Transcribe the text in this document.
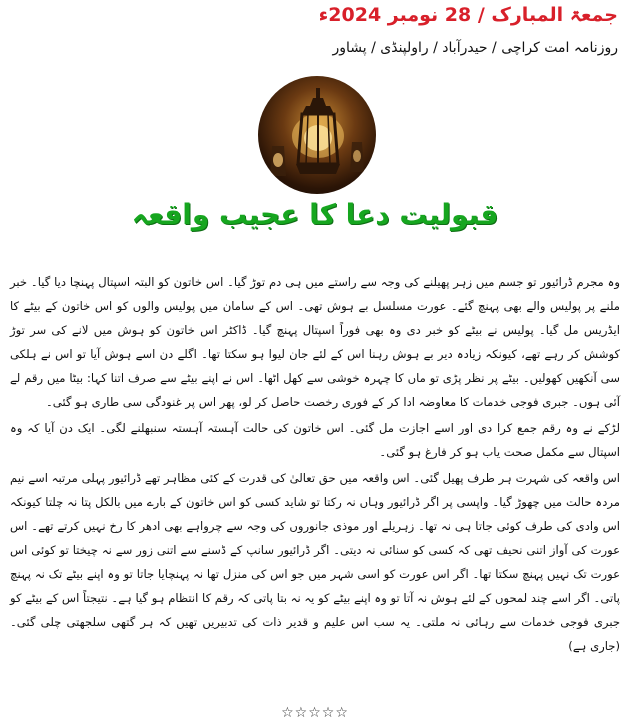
جمعۃ المبارک / 28 نومبر 2024ء
روزنامہ امت کراچی / حیدرآباد / راولپنڈی / پشاور
قبولیت دعا کا عجیب واقعہ

وہ مجرم ڈرائیور تو جسم میں زہر پھیلنے کی وجہ سے راستے میں ہی دم توڑ گیا۔ اس خاتون کو البتہ اسپتال پہنچا دیا گیا۔ خبر ملنے پر پولیس والے بھی پہنچ گئے۔ عورت مسلسل بے ہوش تھی۔ اس کے سامان میں پولیس والوں کو اس خاتون کے بیٹے کا ایڈریس مل گیا۔ پولیس نے بیٹے کو خبر دی وہ بھی فوراً اسپتال پہنچ گیا۔ ڈاکٹر اس خاتون کو ہوش میں لانے کی سر توڑ کوشش کر رہے تھے، کیونکہ زیادہ دیر بے ہوش رہنا اس کے لئے جان لیوا ہو سکتا تھا۔ اگلے دن اسے ہوش آیا تو اس نے ہلکی سی آنکھیں کھولیں۔ بیٹے پر نظر پڑی تو ماں کا چہرہ خوشی سے کھل اٹھا۔ اس نے اپنے بیٹے سے صرف اتنا کہا: بیٹا میں رقم لے آئی ہوں۔ جبری فوجی خدمات کا معاوضہ ادا کر کے فوری رخصت حاصل کر لو، پھر اس پر غنودگی سی طاری ہو گئی۔

لڑکے نے وہ رقم جمع کرا دی اور اسے اجازت مل گئی۔ اس خاتون کی حالت آہستہ آہستہ سنبھلنے لگی۔ ایک دن آیا کہ وہ اسپتال سے مکمل صحت یاب ہو کر فارغ ہو گئی۔

اس واقعہ کی شہرت ہر طرف پھیل گئی۔ اس واقعہ میں حق تعالیٰ کی قدرت کے کئی مظاہر تھے ڈرائیور پہلی مرتبہ اسے نیم مردہ حالت میں چھوڑ گیا۔ واپسی پر اگر ڈرائیور وہاں نہ رکتا تو شاید کسی کو اس خاتون کے بارے میں بالکل پتا نہ چلتا کیونکہ اس وادی کی طرف کوئی جاتا ہی نہ تھا۔ زہریلے اور موذی جانوروں کی وجہ سے چرواہے بھی ادھر کا رخ نہیں کرتے تھے۔ اس عورت کی آواز اتنی نحیف تھی کہ کسی کو سنائی نہ دیتی۔ اگر ڈرائیور سانپ کے ڈسنے سے اتنی زور سے نہ چیختا تو کوئی اس عورت تک نہیں پہنچ سکتا تھا۔ اگر اس عورت کو اسی شہر میں جو اس کی منزل تھا نہ پہنچایا جاتا تو وہ اپنے بیٹے تک نہ پہنچ پاتی۔ اگر اسے چند لمحوں کے لئے ہوش نہ آتا تو وہ اپنے بیٹے کو یہ نہ بتا پاتی کہ رقم کا انتظام ہو گیا ہے۔ نتیجتاً اس کے بیٹے کو جبری فوجی خدمات سے رہائی نہ ملتی۔ یہ سب اس علیم و قدیر ذات کی تدبیریں تھیں کہ ہر گتھی سلجھتی چلی گئی۔ (جاری ہے)

☆☆☆☆☆
